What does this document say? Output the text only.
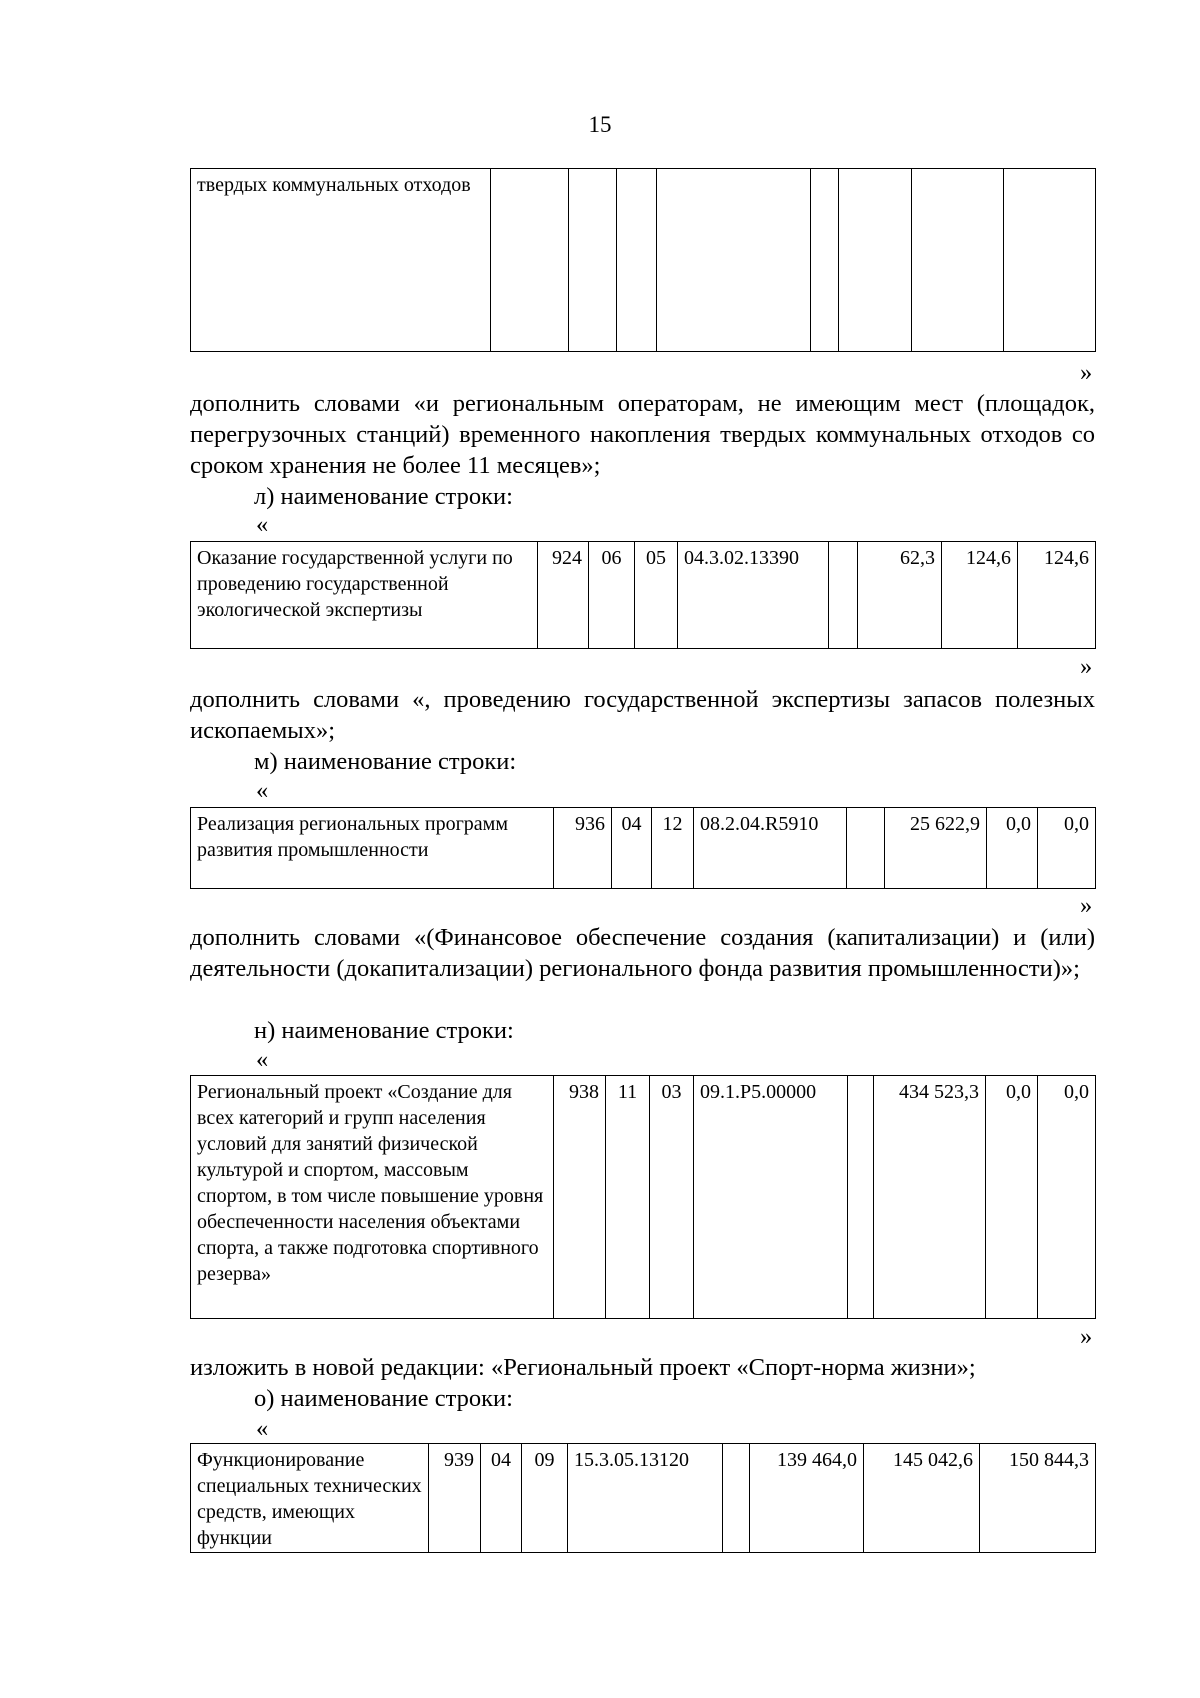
15
твердых коммунальных отходов								
»
дополнить словами «и региональным операторам, не имеющим мест (площадок, перегрузочных станций) временного накопления твердых коммунальных отходов со сроком хранения не более 11 месяцев»;
л) наименование строки:
«
Оказание государственной услуги по проведению государственной экологической экспертизы	924	06	05	04.3.02.13390		62,3	124,6	124,6
»
дополнить словами «, проведению государственной экспертизы запасов полезных ископаемых»;
м) наименование строки:
«
Реализация региональных программ развития промышленности	936	04	12	08.2.04.R5910		25 622,9	0,0	0,0
»
дополнить словами «(Финансовое обеспечение создания (капитализации) и (или) деятельности (докапитализации) регионального фонда развития промышленности)»;
н) наименование строки:
«
Региональный проект «Создание для всех категорий и групп населения условий для занятий физической культурой и спортом, массовым спортом, в том числе повышение уровня обеспеченности населения объектами спорта, а также подготовка спортивного резерва»	938	11	03	09.1.P5.00000		434 523,3	0,0	0,0
»
изложить в новой редакции: «Региональный проект «Спорт-норма жизни»;
о) наименование строки:
«
Функционирование специальных технических средств, имеющих функции	939	04	09	15.3.05.13120		139 464,0	145 042,6	150 844,3
